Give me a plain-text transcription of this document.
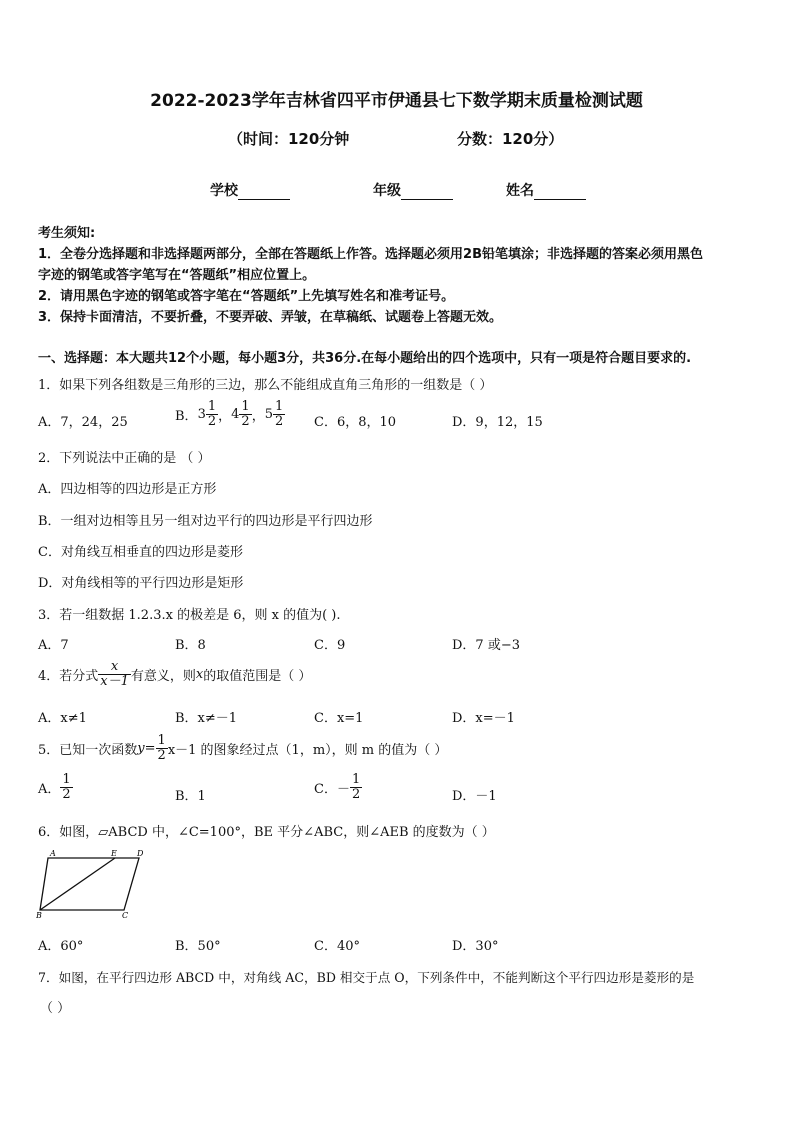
2022-2023学年吉林省四平市伊通县七下数学期末质量检测试题
（时间：120分钟	分数：120分）
学校	年级	姓名
考生须知:
1．全卷分选择题和非选择题两部分，全部在答题纸上作答。选择题必须用2B铅笔填涂；非选择题的答案必须用黑色
字迹的钢笔或答字笔写在“答题纸”相应位置上。
2．请用黑色字迹的钢笔或答字笔在“答题纸”上先填写姓名和准考证号。
3．保持卡面清洁，不要折叠，不要弄破、弄皱，在草稿纸、试题卷上答题无效。
一、选择题：本大题共12个小题，每小题3分，共36分.在每小题给出的四个选项中，只有一项是符合题目要求的.
1．如果下列各组数是三角形的三边，那么不能组成直角三角形的一组数是（ ）
A．7，24，25	B． $3 \frac{1}{2}$ ， $4 \frac{1}{2}$ ， $5 \frac{1}{2}$ C．6，8，10	D．9，12，15
2．下列说法中正确的是 （ ）
A．四边相等的四边形是正方形
B．一组对边相等且另一组对边平行的四边形是平行四边形
C．对角线互相垂直的四边形是菱形
D．对角线相等的平行四边形是矩形
3．若一组数据 1.2.3.x 的极差是 6，则 x 的值为( ).
A．7	B．8	C．9	D．7 或−3
4．若分式 $\frac{x}{x-1}$ 有意义，则 x 的取值范围是（ ）
A．x≠1	B．x≠－1	C．x=1	D．x=－1
5．已知一次函数 $y= \frac{1}{2} x-1$ 的图象经过点（1，m），则 m 的值为（ ）
A． $\frac{1}{2}$	B．1	C．－ $\frac{1}{2}$	D．－1
6．如图，▱ABCD 中，∠C=100°，BE 平分∠ABC，则∠AEB 的度数为（ ）
A	E	D
B	C
A．60°	B．50°	C．40°	D．30°
7．如图，在平行四边形 ABCD 中，对角线 AC，BD 相交于点 O，下列条件中，不能判断这个平行四边形是菱形的是
（ ）
